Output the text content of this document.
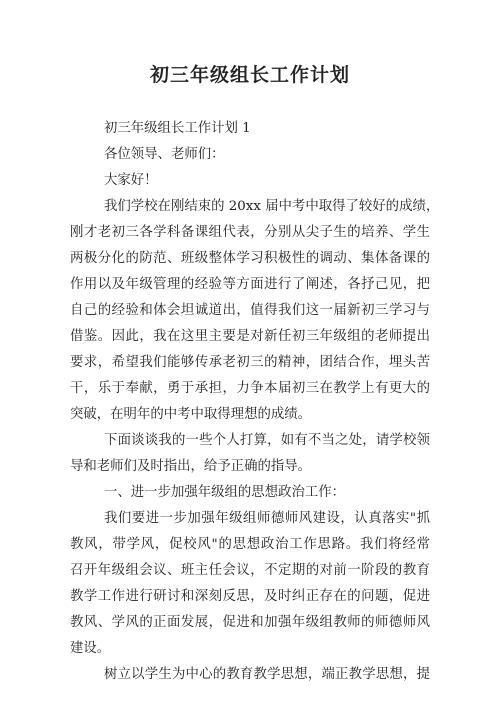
初三年级组长工作计划
初三年级组长工作计划 1
各位领导、老师们：
大家好！
我们学校在刚结束的 20xx 届中考中取得了较好的成绩，
刚才老初三各学科备课组代表，分别从尖子生的培养、学生
两极分化的防范、班级整体学习积极性的调动、集体备课的
作用以及年级管理的经验等方面进行了阐述，各抒己见，把
自己的经验和体会坦诚道出，值得我们这一届新初三学习与
借鉴。因此，我在这里主要是对新任初三年级组的老师提出
要求，希望我们能够传承老初三的精神，团结合作，埋头苦
干，乐于奉献，勇于承担，力争本届初三在教学上有更大的
突破，在明年的中考中取得理想的成绩。
下面谈谈我的一些个人打算，如有不当之处，请学校领
导和老师们及时指出，给予正确的指导。
一、进一步加强年级组的思想政治工作：
我们要进一步加强年级组师德师风建设，认真落实"抓
教风，带学风，促校风"的思想政治工作思路。我们将经常
召开年级组会议、班主任会议，不定期的对前一阶段的教育
教学工作进行研讨和深刻反思，及时纠正存在的问题，促进
教风、学风的正面发展，促进和加强年级组教师的师德师风
建设。
树立以学生为中心的教育教学思想，端正教学思想，提
